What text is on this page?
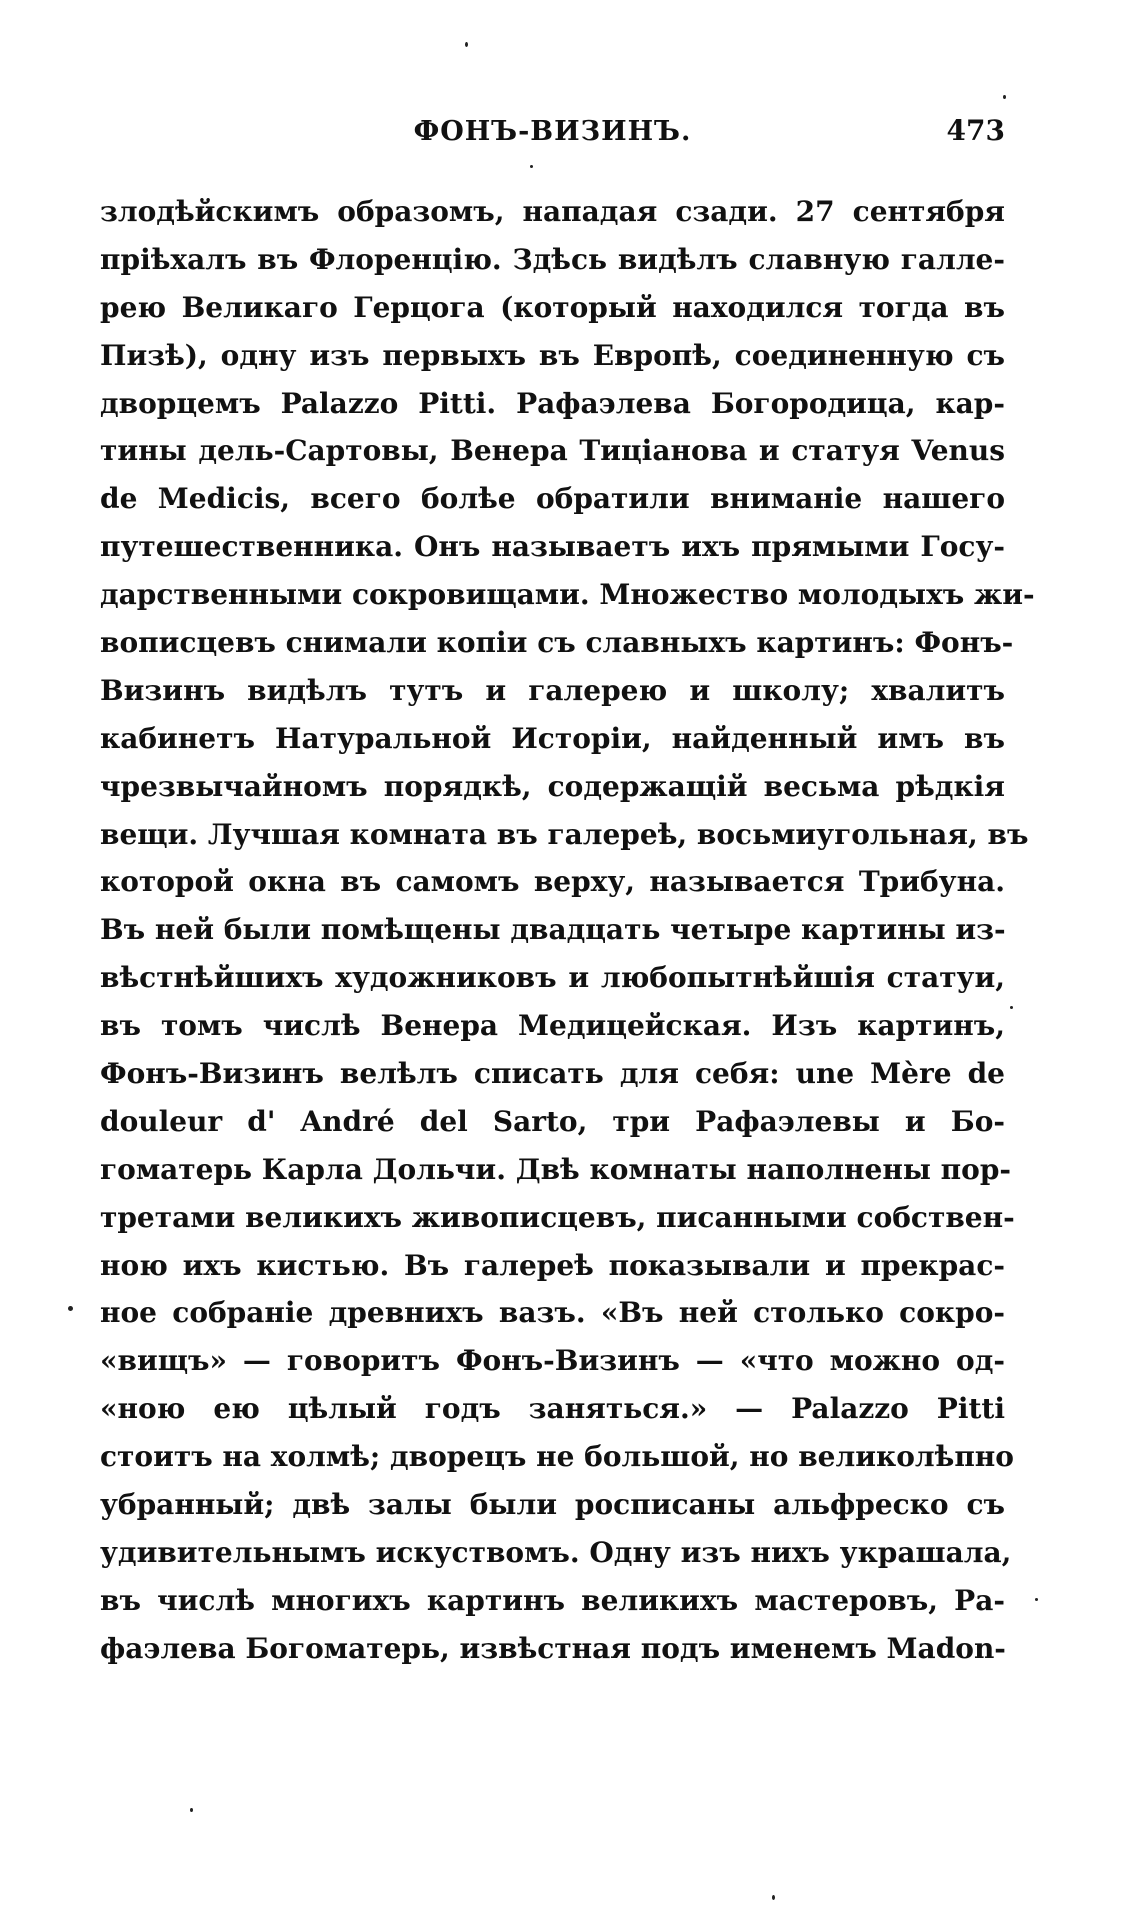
ФОНЪ-ВИЗИНЪ.	473
злодѣйскимъ образомъ, нападая сзади. 27 сентября
пріѣхалъ въ Флоренцію. Здѣсь видѣлъ славную галле-
рею Великаго Герцога (который находился тогда въ
Пизѣ), одну изъ первыхъ въ Европѣ, соединенную съ
дворцемъ Palazzo Pitti. Рафаэлева Богородица, кар-
тины дель-Сартовы, Венера Тиціанова и статуя Venus
de Medicis, всего болѣе обратили вниманіе нашего
путешественника. Онъ называетъ ихъ прямыми Госу-
дарственными сокровищами. Множество молодыхъ жи-
вописцевъ снимали копіи съ славныхъ картинъ: Фонъ-
Визинъ видѣлъ тутъ и галерею и школу; хвалитъ
кабинетъ Натуральной Исторіи, найденный имъ въ
чрезвычайномъ порядкѣ, содержащій весьма рѣдкія
вещи. Лучшая комната въ галереѣ, восьмиугольная, въ
которой окна въ самомъ верху, называется Трибуна.
Въ ней были помѣщены двадцать четыре картины из-
вѣстнѣйшихъ художниковъ и любопытнѣйшія статуи,
въ томъ числѣ Венера Медицейская. Изъ картинъ,
Фонъ-Визинъ велѣлъ списать для себя: une Mère de
douleur d' André del Sarto, три Рафаэлевы и Бо-
гоматерь Карла Дольчи. Двѣ комнаты наполнены пор-
третами великихъ живописцевъ, писанными собствен-
ною ихъ кистью. Въ галереѣ показывали и прекрас-
ное собраніе древнихъ вазъ. «Въ ней столько сокро-
«вищъ» — говоритъ Фонъ-Визинъ — «что можно од-
«ною ею цѣлый годъ заняться.» — Palazzo Pitti
стоитъ на холмѣ; дворецъ не большой, но великолѣпно
убранный; двѣ залы были росписаны альфреско съ
удивительнымъ искуствомъ. Одну изъ нихъ украшала,
въ числѣ многихъ картинъ великихъ мастеровъ, Ра-
фаэлева Богоматерь, извѣстная подъ именемъ Madon-
